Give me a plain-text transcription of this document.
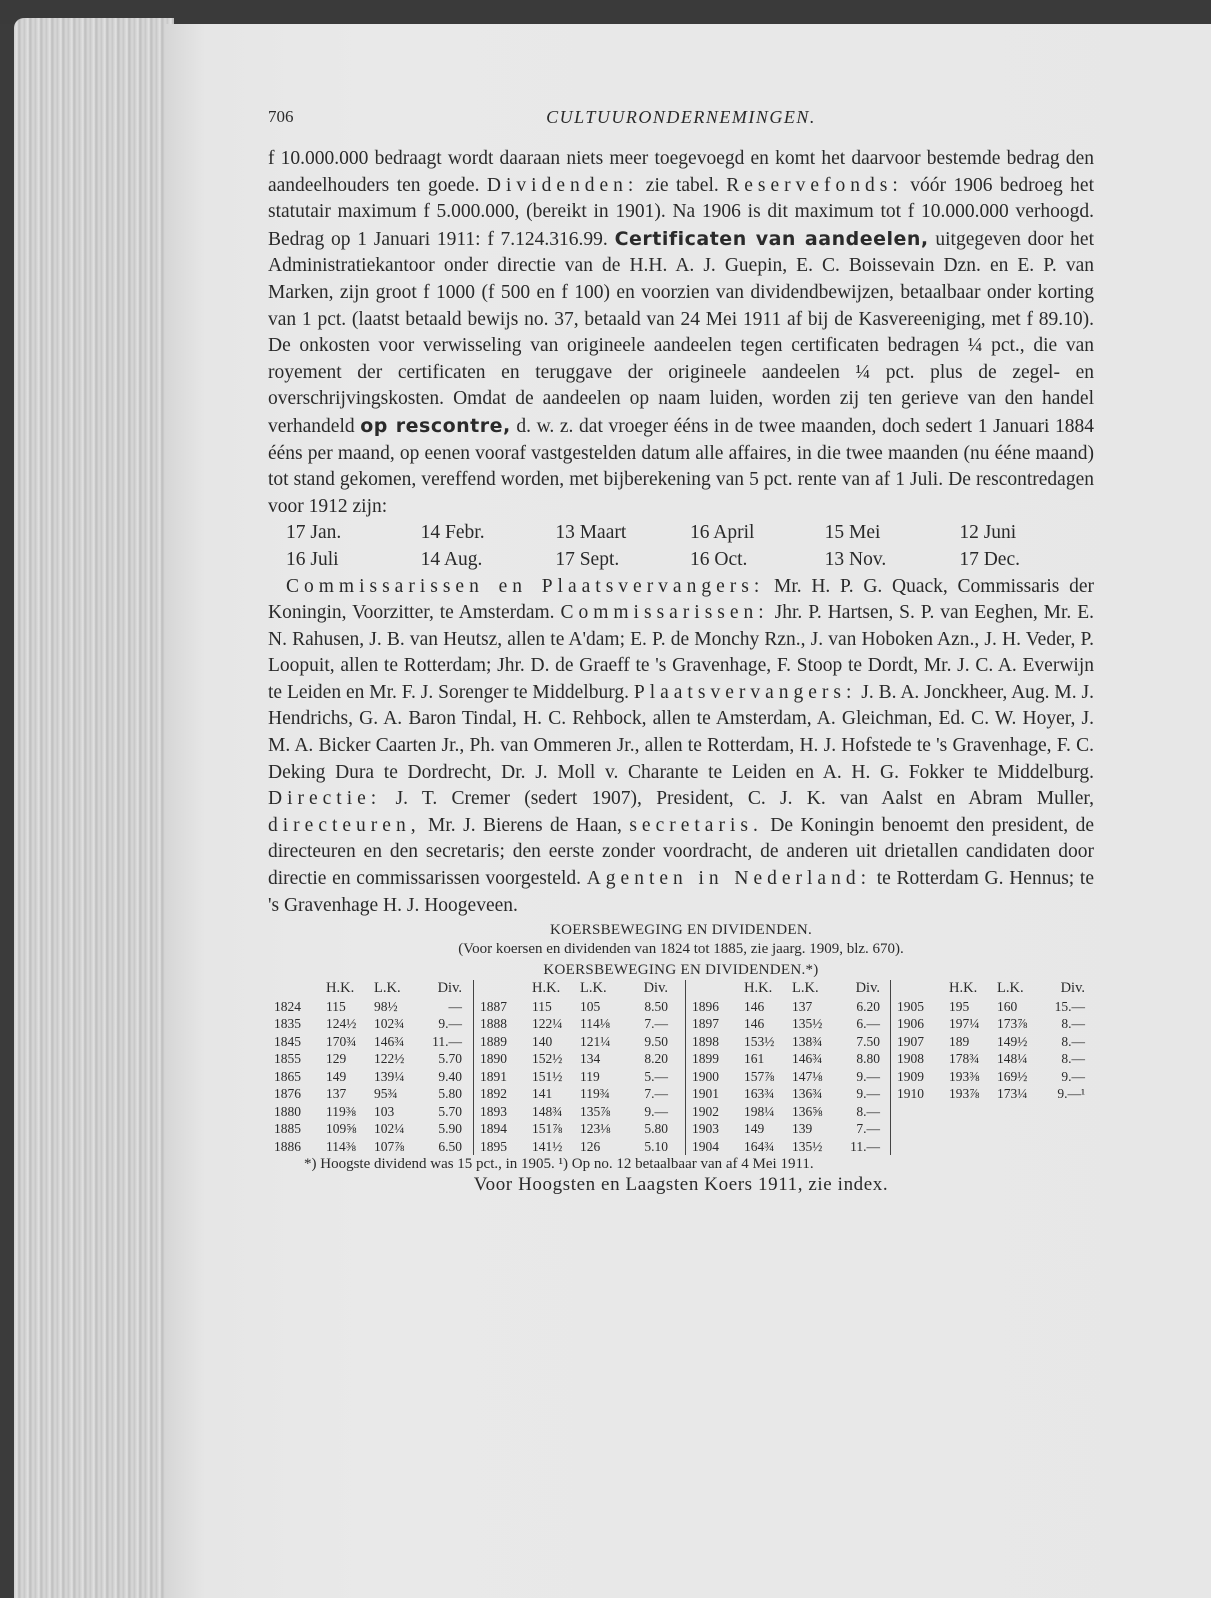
706	CULTUURONDERNEMINGEN.

f 10.000.000 bedraagt wordt daaraan niets meer toegevoegd en komt het daarvoor bestemde bedrag den aandeelhouders ten goede. Dividenden: zie tabel. Reservefonds: vóór 1906 bedroeg het statutair maximum f 5.000.000, (bereikt in 1901). Na 1906 is dit maximum tot f 10.000.000 verhoogd. Bedrag op 1 Januari 1911: f 7.124.316.99. Certificaten van aandeelen, uitgegeven door het Administratiekantoor onder directie van de H.H. A. J. Guepin, E. C. Boissevain Dzn. en E. P. van Marken, zijn groot f 1000 (f 500 en f 100) en voorzien van dividendbewijzen, betaalbaar onder korting van 1 pct. (laatst betaald bewijs no. 37, betaald van 24 Mei 1911 af bij de Kasvereeniging, met f 89.10). De onkosten voor verwisseling van origineele aandeelen tegen certificaten bedragen ¼ pct., die van royement der certificaten en teruggave der origineele aandeelen ¼ pct. plus de zegel- en overschrijvingskosten. Omdat de aandeelen op naam luiden, worden zij ten gerieve van den handel verhandeld op rescontre, d. w. z. dat vroeger ééns in de twee maanden, doch sedert 1 Januari 1884 ééns per maand, op eenen vooraf vastgestelden datum alle affaires, in die twee maanden (nu ééne maand) tot stand gekomen, vereffend worden, met bijberekening van 5 pct. rente van af 1 Juli. De rescontredagen voor 1912 zijn:

17 Jan.	14 Febr.	13 Maart	16 April	15 Mei	12 Juni
16 Juli	14 Aug.	17 Sept.	16 Oct.	13 Nov.	17 Dec.

Commissarissen en Plaatsvervangers: Mr. H. P. G. Quack, Commissaris der Koningin, Voorzitter, te Amsterdam. Commissarissen: Jhr. P. Hartsen, S. P. van Eeghen, Mr. E. N. Rahusen, J. B. van Heutsz, allen te A'dam; E. P. de Monchy Rzn., J. van Hoboken Azn., J. H. Veder, P. Loopuit, allen te Rotterdam; Jhr. D. de Graeff te 's Gravenhage, F. Stoop te Dordt, Mr. J. C. A. Everwijn te Leiden en Mr. F. J. Sorenger te Middelburg. Plaatsvervangers: J. B. A. Jonckheer, Aug. M. J. Hendrichs, G. A. Baron Tindal, H. C. Rehbock, allen te Amsterdam, A. Gleichman, Ed. C. W. Hoyer, J. M. A. Bicker Caarten Jr., Ph. van Ommeren Jr., allen te Rotterdam, H. J. Hofstede te 's Gravenhage, F. C. Deking Dura te Dordrecht, Dr. J. Moll v. Charante te Leiden en A. H. G. Fokker te Middelburg. Directie: J. T. Cremer (sedert 1907), President, C. J. K. van Aalst en Abram Muller, directeuren, Mr. J. Bierens de Haan, secretaris. De Koningin benoemt den president, de directeuren en den secretaris; den eerste zonder voordracht, de anderen uit drietallen candidaten door directie en commissarissen voorgesteld. Agenten in Nederland: te Rotterdam G. Hennus; te 's Gravenhage H. J. Hoogeveen.

KOERSBEWEGING EN DIVIDENDEN.
(Voor koersen en dividenden van 1824 tot 1885, zie jaarg. 1909, blz. 670).
KOERSBEWEGING EN DIVIDENDEN.*)
H.K.	L.K.	Div.
1824	115	98½	—
1835	124½	102¾	9.—
1845	170¾	146¾	11.—
1855	129	122½	5.70
1865	149	139¼	9.40
1876	137	95¾	5.80
1880	119⅜	103	5.70
1885	109⅝	102¼	5.90
1886	114⅜	107⅞	6.50
H.K.	L.K.	Div.
1887	115	105	8.50
1888	122¼	114⅛	7.—
1889	140	121¼	9.50
1890	152½	134	8.20
1891	151½	119	5.—
1892	141	119¾	7.—
1893	148¾	135⅞	9.—
1894	151⅞	123⅛	5.80
1895	141½	126	5.10
H.K.	L.K.	Div.
1896	146	137	6.20
1897	146	135½	6.—
1898	153½	138¾	7.50
1899	161	146¾	8.80
1900	157⅞	147⅛	9.—
1901	163¾	136¾	9.—
1902	198¼	136⅝	8.—
1903	149	139	7.—
1904	164¾	135½	11.—
H.K.	L.K.	Div.
1905	195	160	15.—
1906	197¼	173⅞	8.—
1907	189	149½	8.—
1908	178¾	148¼	8.—
1909	193⅜	169½	9.—
1910	193⅞	173¼	9.—¹
*) Hoogste dividend was 15 pct., in 1905. ¹) Op no. 12 betaalbaar van af 4 Mei 1911.
Voor Hoogsten en Laagsten Koers 1911, zie index.
